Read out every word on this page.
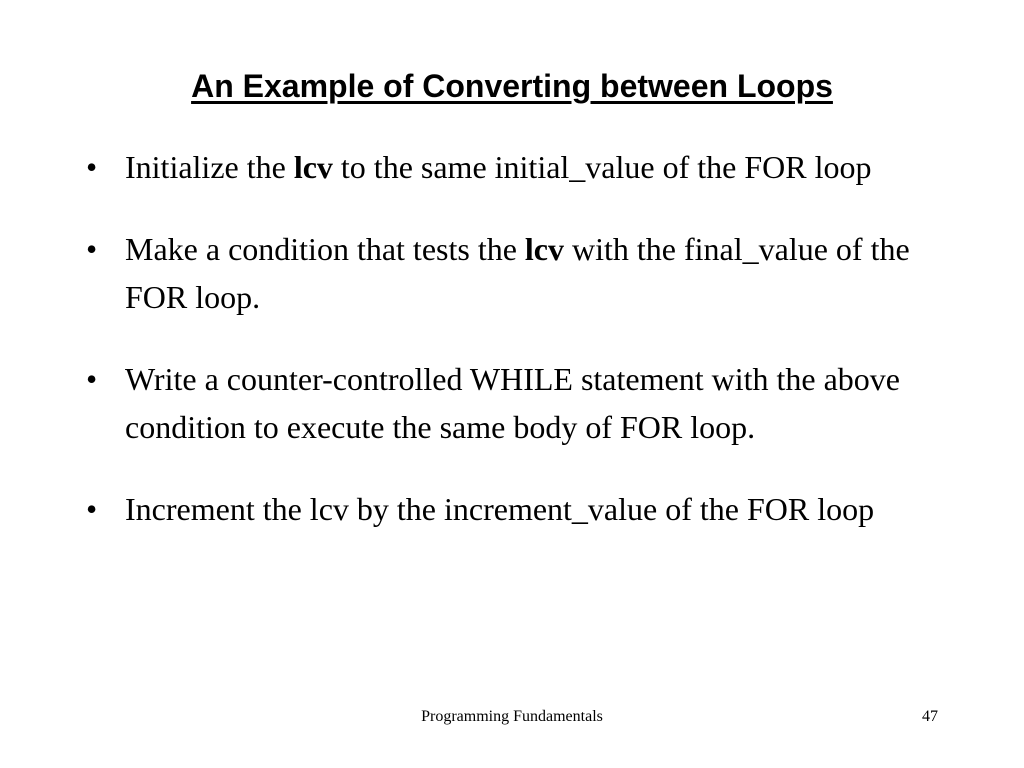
An Example of Converting between Loops
• Initialize the lcv to the same initial_value of the FOR loop
• Make a condition that tests the lcv with the final_value of the FOR loop.
• Write a counter-controlled WHILE statement with the above condition to execute the same body of FOR loop.
• Increment the lcv by the increment_value of the FOR loop
Programming Fundamentals	47
